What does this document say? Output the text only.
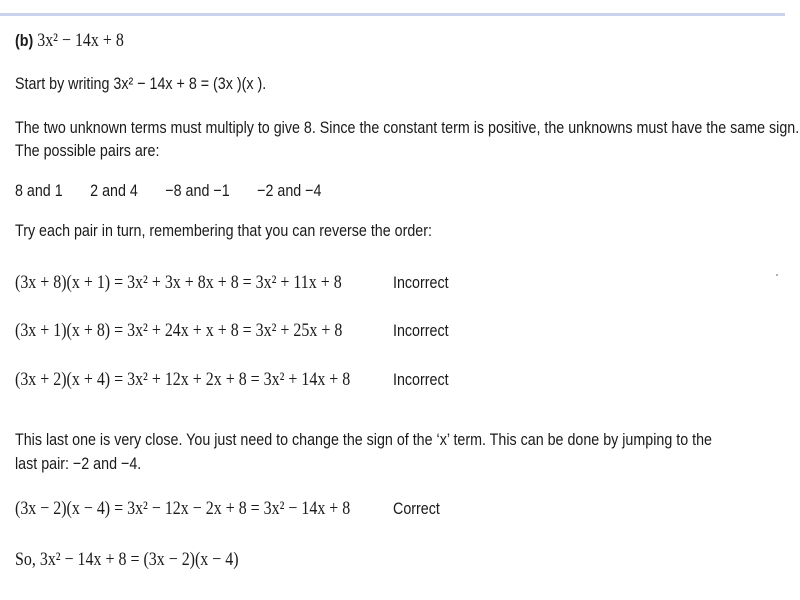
(b) 3x² − 14x + 8
Start by writing 3x² − 14x + 8 = (3x )(x ).
The two unknown terms must multiply to give 8. Since the constant term is positive, the unknowns must have the same sign.
The possible pairs are:
8 and 1 2 and 4 −8 and −1 −2 and −4
Try each pair in turn, remembering that you can reverse the order:
(3x + 8)(x + 1) = 3x² + 3x + 8x + 8 = 3x² + 11x + 8	Incorrect
(3x + 1)(x + 8) = 3x² + 24x + x + 8 = 3x² + 25x + 8	Incorrect
(3x + 2)(x + 4) = 3x² + 12x + 2x + 8 = 3x² + 14x + 8	Incorrect
This last one is very close. You just need to change the sign of the ‘x’ term. This can be done by jumping to the
last pair: −2 and −4.
(3x − 2)(x − 4) = 3x² − 12x − 2x + 8 = 3x² − 14x + 8	Correct
So, 3x² − 14x + 8 = (3x − 2)(x − 4)
